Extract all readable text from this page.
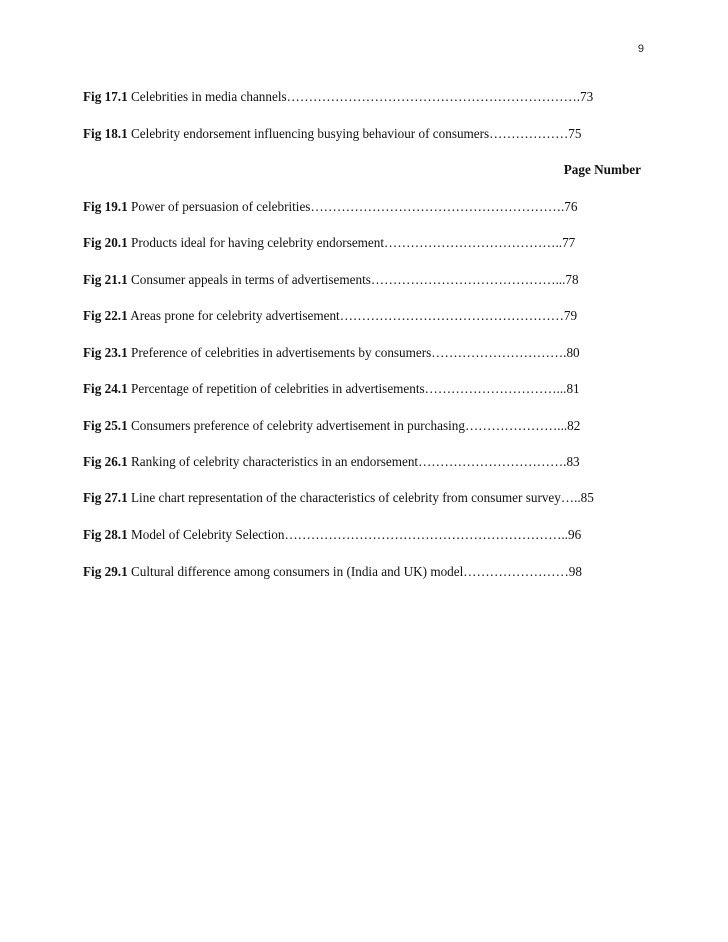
9
Fig 17.1 Celebrities in media channels………………………………………………………….73
Fig 18.1 Celebrity endorsement influencing busying behaviour of consumers………………75
Page Number
Fig 19.1 Power of persuasion of celebrities………………………………………………….76
Fig 20.1 Products ideal for having celebrity endorsement…………………………………..77
Fig 21.1 Consumer appeals in terms of advertisements……………………………………...78
Fig 22.1 Areas prone for celebrity advertisement……………………………………………79
Fig 23.1 Preference of celebrities in advertisements by consumers………………………….80
Fig 24.1 Percentage of repetition of celebrities in advertisements…………………………...81
Fig 25.1 Consumers preference of celebrity advertisement in purchasing…………………...82
Fig 26.1 Ranking of celebrity characteristics in an endorsement…………………………….83
Fig 27.1 Line chart representation of the characteristics of celebrity from consumer survey…..85
Fig 28.1 Model of Celebrity Selection………………………………………………………..96
Fig 29.1 Cultural difference among consumers in (India and UK) model……………………98
